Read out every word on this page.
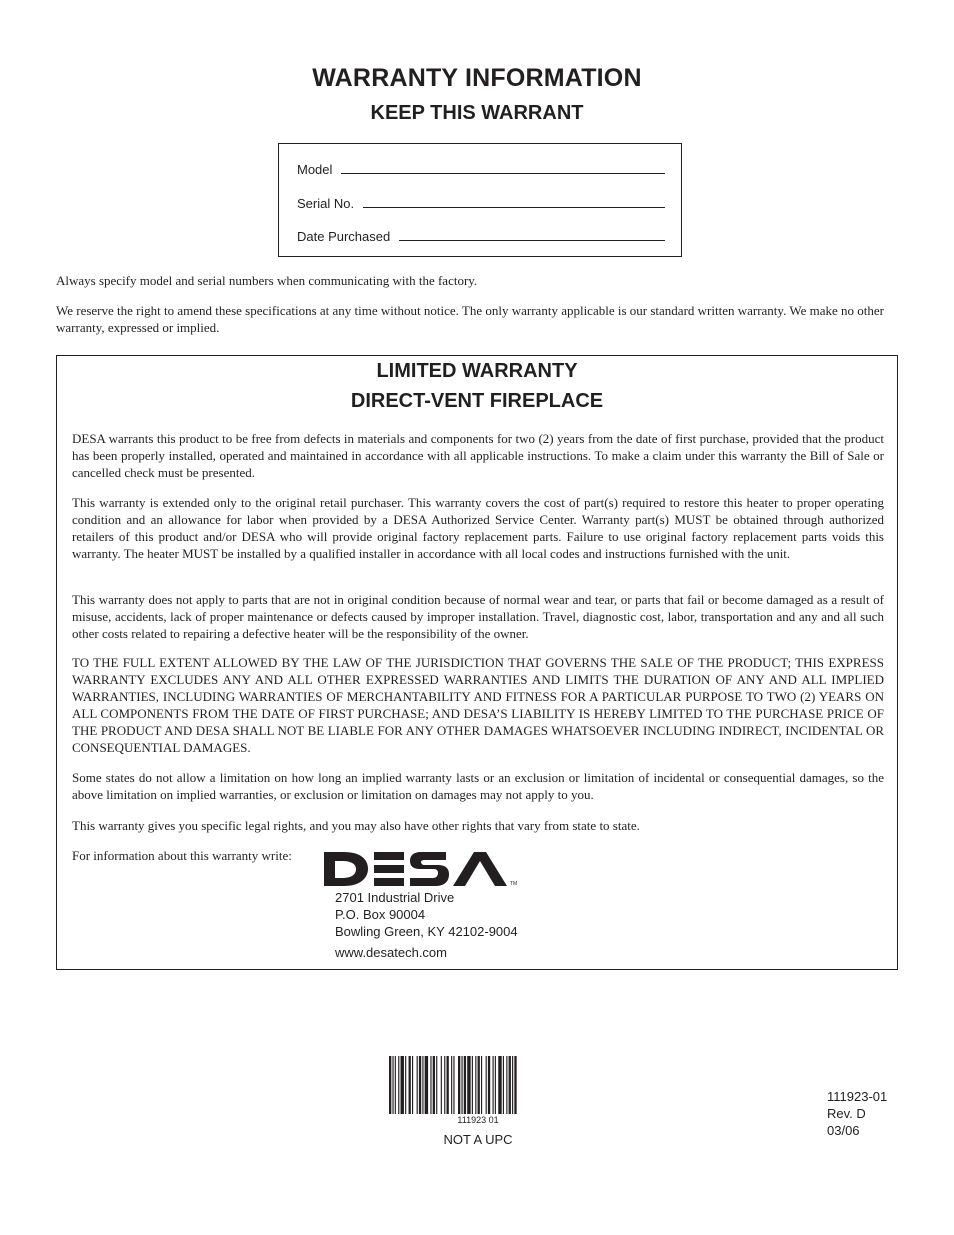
WARRANTY INFORMATION
KEEP THIS WARRANT
Model
Serial No.
Date Purchased
Always specify model and serial numbers when communicating with the factory.
We reserve the right to amend these specifications at any time without notice. The only warranty applicable is our standard written warranty. We make no other warranty, expressed or implied.
LIMITED WARRANTY
DIRECT-VENT FIREPLACE
DESA warrants this product to be free from defects in materials and components for two (2) years from the date of first purchase, provided that the product has been properly installed, operated and maintained in accordance with all applicable instructions. To make a claim under this warranty the Bill of Sale or cancelled check must be presented.
This warranty is extended only to the original retail purchaser. This warranty covers the cost of part(s) required to restore this heater to proper operating condition and an allowance for labor when provided by a DESA Authorized Service Center. Warranty part(s) MUST be obtained through authorized retailers of this product and/or DESA who will provide original factory replacement parts. Failure to use original factory replacement parts voids this warranty. The heater MUST be installed by a qualified installer in accordance with all local codes and instructions furnished with the unit.
This warranty does not apply to parts that are not in original condition because of normal wear and tear, or parts that fail or become damaged as a result of misuse, accidents, lack of proper maintenance or defects caused by improper installation. Travel, diagnostic cost, labor, transportation and any and all such other costs related to repairing a defective heater will be the responsibility of the owner.
TO THE FULL EXTENT ALLOWED BY THE LAW OF THE JURISDICTION THAT GOVERNS THE SALE OF THE PRODUCT; THIS EXPRESS WARRANTY EXCLUDES ANY AND ALL OTHER EXPRESSED WARRANTIES AND LIMITS THE DURATION OF ANY AND ALL IMPLIED WARRANTIES, INCLUDING WARRANTIES OF MERCHANTABILITY AND FITNESS FOR A PARTICULAR PURPOSE TO TWO (2) YEARS ON ALL COMPONENTS FROM THE DATE OF FIRST PURCHASE; AND DESA’S LIABILITY IS HEREBY LIMITED TO THE PURCHASE PRICE OF THE PRODUCT AND DESA SHALL NOT BE LIABLE FOR ANY OTHER DAMAGES WHATSOEVER INCLUDING INDIRECT, INCIDENTAL OR CONSEQUENTIAL DAMAGES.
Some states do not allow a limitation on how long an implied warranty lasts or an exclusion or limitation of incidental or consequential damages, so the above limitation on implied warranties, or exclusion or limitation on damages may not apply to you.
This warranty gives you specific legal rights, and you may also have other rights that vary from state to state.
For information about this warranty write:
TM
2701 Industrial Drive
P.O. Box 90004
Bowling Green, KY 42102-9004
www.desatech.com
111923 01
NOT A UPC
111923-01
Rev. D
03/06
